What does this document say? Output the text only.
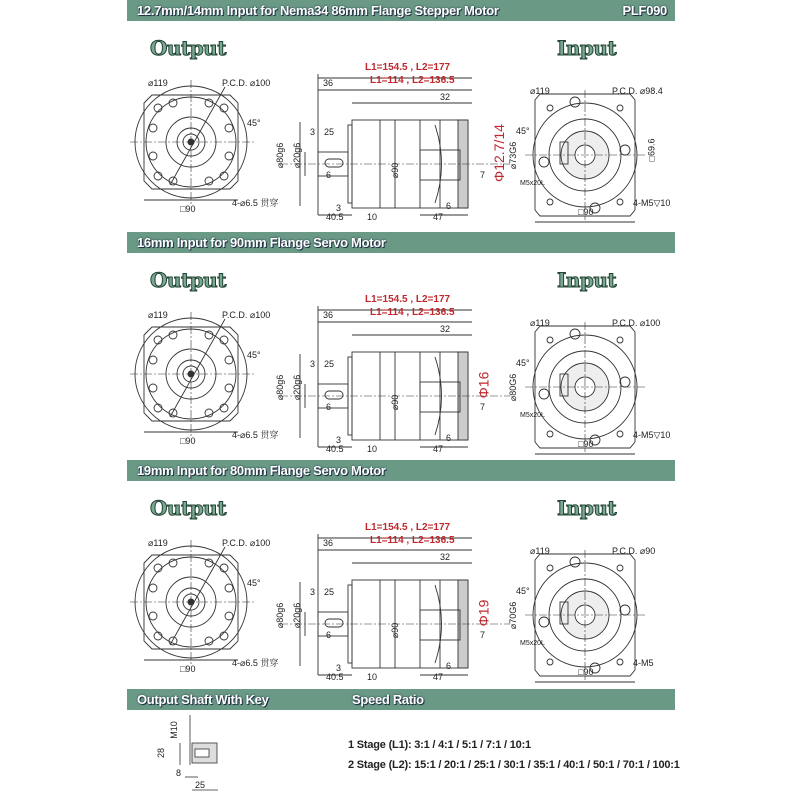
12.7mm/14mm Input for Nema34 86mm Flange Stepper Motor	PLF090
Output	Input
⌀119	P.C.D. ⌀100
45°
4-⌀6.5 贯穿
□90
L1=154.5 , L2=177
L1=114 , L2=136.5
36
32
3 25
6
⌀80g6 ⌀20g6
⌀90
3
40.5	10	47
6
7 Φ12.7/14 ⌀73G6
⌀119	P.C.D. ⌀98.4
45°
M5x20L
4-M5▽10
□90
□69.6
16mm Input for 90mm Flange Servo Motor
Output	Input
⌀119	P.C.D. ⌀100
45°
4-⌀6.5 贯穿
□90
L1=154.5 , L2=177
L1=114 , L2=136.5
36
32
3 25
6
⌀80g6 ⌀20g6
⌀90
3
40.5	10	47
6
7
Φ16 ⌀80G6
⌀119	P.C.D. ⌀100
45°
M5x20L
4-M5▽10
□90
19mm Input for 80mm Flange Servo Motor
Output	Input
⌀119	P.C.D. ⌀100
45°
4-⌀6.5 贯穿
□90
L1=154.5 , L2=177
L1=114 , L2=136.5
36
32
3 25
6
⌀80g6 ⌀20g6
⌀90
3
40.5	10	47
6
7
Φ19 ⌀70G6
⌀119	P.C.D. ⌀90
45°
M5x20L
4-M5
□90
Output Shaft With Key	Speed Ratio
M10
28
8
25
1 Stage (L1): 3:1 / 4:1 / 5:1 / 7:1 / 10:1
2 Stage (L2): 15:1 / 20:1 / 25:1 / 30:1 / 35:1 / 40:1 / 50:1 / 70:1 / 100:1
